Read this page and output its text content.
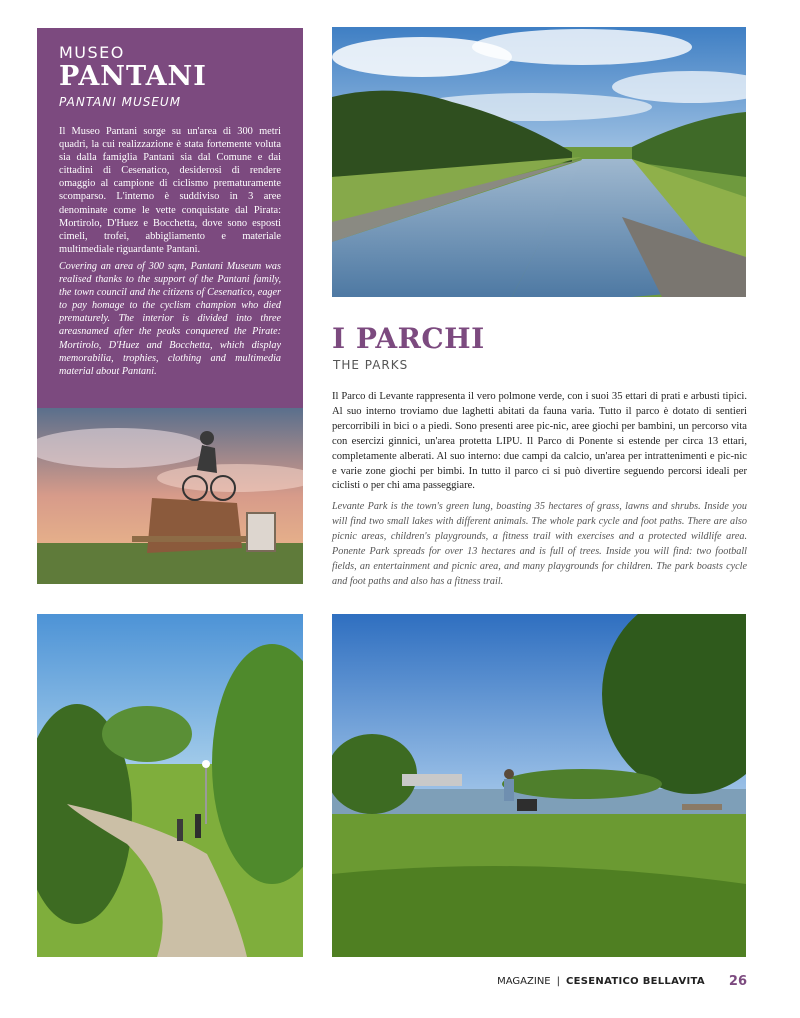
MUSEO
PANTANI
PANTANI MUSEUM

Il Museo Pantani sorge su un'area di 300 metri quadri, la cui realizzazione è stata fortemente voluta sia dalla famiglia Pantani sia dal Comune e dai cittadini di Cesenatico, desiderosi di rendere omaggio al campione di ciclismo prematuramente scomparso. L'interno è suddiviso in 3 aree denominate come le vette conquistate dal Pirata: Mortirolo, D'Huez e Bocchetta, dove sono esposti cimeli, trofei, abbigliamento e materiale multimediale riguardante Pantani.

Covering an area of 300 sqm, Pantani Museum was realised thanks to the support of the Pantani family, the town council and the citizens of Cesenatico, eager to pay homage to the cyclism champion who died prematurely. The interior is divided into three areasnamed after the peaks conquered the Pirate: Mortirolo, D'Huez and Bocchetta, which display memorabilia, trophies, clothing and multimedia material about Pantani.

I PARCHI
THE PARKS

Il Parco di Levante rappresenta il vero polmone verde, con i suoi 35 ettari di prati e arbusti tipici. Al suo interno troviamo due laghetti abitati da fauna varia. Tutto il parco è dotato di sentieri percorribili in bici o a piedi. Sono presenti aree pic-nic, aree giochi per bambini, un percorso vita con esercizi ginnici, un'area protetta LIPU. Il Parco di Ponente si estende per circa 13 ettari, completamente alberati. Al suo interno: due campi da calcio, un'area per intrattenimenti e pic-nic e varie zone giochi per bimbi. In tutto il parco ci si può divertire seguendo percorsi ideali per ciclisti o per chi ama passeggiare.

Levante Park is the town's green lung, boasting 35 hectares of grass, lawns and shrubs. Inside you will find two small lakes with different animals. The whole park cycle and foot paths. There are also picnic areas, children's playgrounds, a fitness trail with exercises and a protected wildlife area. Ponente Park spreads for over 13 hectares and is full of trees. Inside you will find: two football fields, an entertainment and picnic area, and many playgrounds for children. The park boasts cycle and foot paths and also has a fitness trail.

MAGAZINE | CESENATICO BELLAVITA 26
